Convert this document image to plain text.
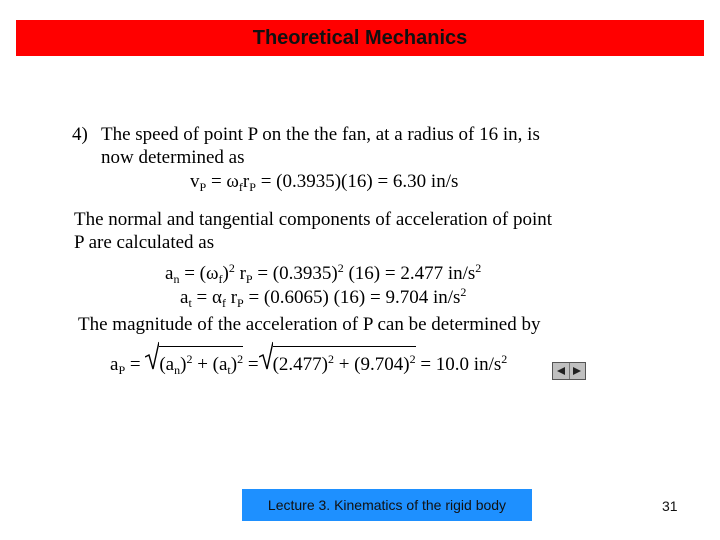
Theoretical Mechanics
4) The speed of point P on the the fan, at a radius of 16 in, is
now determined as
$v_P = \omega_fr_P = (0.3935)(16) = 6.30$ in/s
The normal and tangential components of acceleration of point
P are calculated as
$a_n = (\omega_f)^2$ $r_P = (0.3935)^2$ (16) = 2.477 $in/s^2$
$a_t = \alpha_f$ $r_P = (0.6065) (16) = 9.704$ $in/s^2$
The magnitude of the acceleration of P can be determined by
$a_P$ =
$(a_n)^2 + (a_t)^2 = (2.477)^2 + (9.704)^2 = 10.0$ $in/s^2$
Lecture 3. Kinematics of the rigid body	31
